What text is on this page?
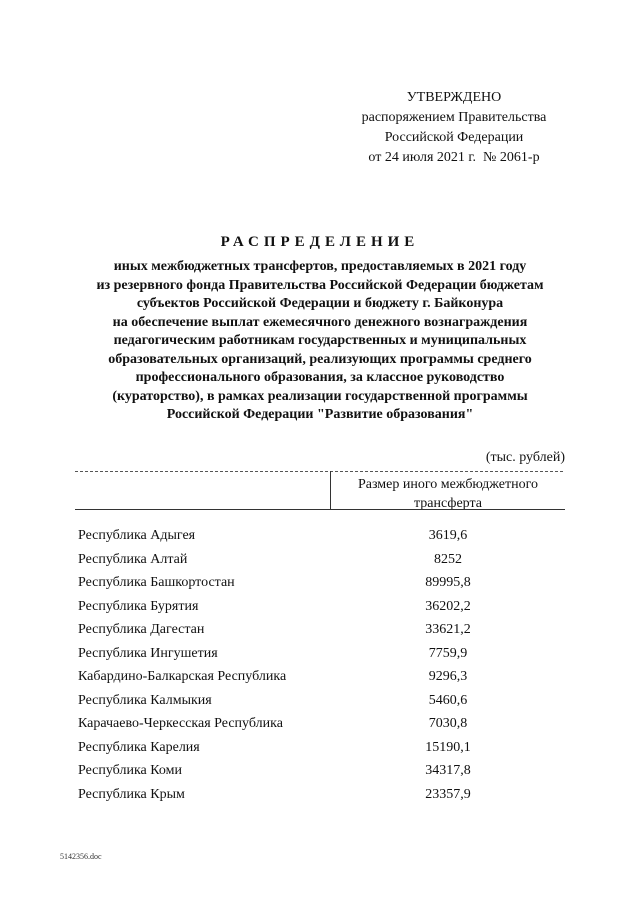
УТВЕРЖДЕНО
распоряжением Правительства
Российской Федерации
от 24 июля 2021 г.  № 2061-р
РАСПРЕДЕЛЕНИЕ
иных межбюджетных трансфертов, предоставляемых в 2021 году
из резервного фонда Правительства Российской Федерации бюджетам
субъектов Российской Федерации и бюджету г. Байконура
на обеспечение выплат ежемесячного денежного вознаграждения
педагогическим работникам государственных и муниципальных
образовательных организаций, реализующих программы среднего
профессионального образования, за классное руководство
(кураторство), в рамках реализации государственной программы
Российской Федерации "Развитие образования"
(тыс. рублей)
Размер иного межбюджетного
трансферта
Республика Адыгея	3619,6
Республика Алтай	8252
Республика Башкортостан	89995,8
Республика Бурятия	36202,2
Республика Дагестан	33621,2
Республика Ингушетия	7759,9
Кабардино-Балкарская Республика	9296,3
Республика Калмыкия	5460,6
Карачаево-Черкесская Республика	7030,8
Республика Карелия	15190,1
Республика Коми	34317,8
Республика Крым	23357,9
5142356.doc
